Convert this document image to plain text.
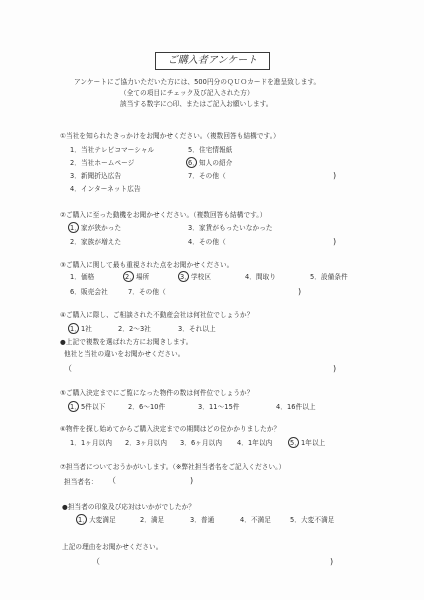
ご購入者アンケート
アンケートにご協力いただいた方には、500円分のＱＵＯカードを進呈致します。
（全ての項目にチェック及び記入された方）
該当する数字に○印、またはご記入お願いします。
①当社を知られたきっかけをお聞かせください。（複数回答も結構です。）
1．当社テレビコマーシャル
2．当社ホームページ
3．新聞折込広告
4．インターネット広告
5．住宅情報紙
6．知人の紹介
7．その他（	)
②ご購入に至った動機をお聞かせください。（複数回答も結構です。）
1．家が狭かった
2．家族が増えた
3．家賃がもったいなかった
4．その他（	)
③ご購入に関して最も重視された点をお聞かせください。
1．価格	2．場所	3．学校区	4．間取り	5．設備条件
6．販売会社	7．その他（	)
④ご購入に際し、ご相談された不動産会社は何社位でしょうか？
1．1社	2．2～3社	3．それ以上
●上記で複数を選ばれた方にお聞きします。
他社と当社の違いをお聞かせください。
（	)
⑤ご購入決定までにご覧になった物件の数は何件位でしょうか？
1．5件以下	2．6～10件	3．11～15件	4．16件以上
⑥物件を探し始めてからご購入決定までの期間はどの位かかりましたか？
1．1ヶ月以内 2．3ヶ月以内 3．6ヶ月以内 4．1年以内	5．1年以上
⑦担当者についておうかがいします。（※弊社担当者名をご記入ください。）
担当者名： （	)
●担当者の印象及び応対はいかがでしたか？
1．大変満足	2．満足	3．普通	4．不満足	5．大変不満足
上記の理由をお聞かせください。
（	)
